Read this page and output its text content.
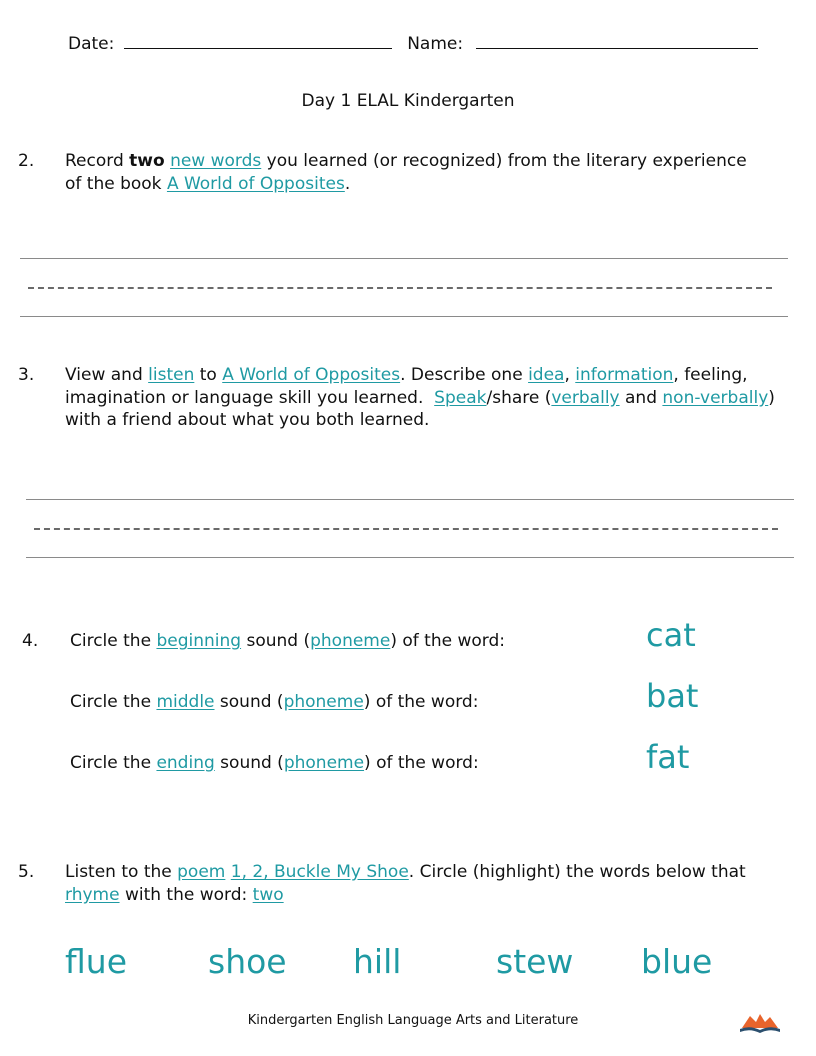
Date:	Name:
Day 1 ELAL Kindergarten
2. Record two new words you learned (or recognized) from the literary experience
of the book A World of Opposites.
3. View and listen to A World of Opposites. Describe one idea, information, feeling,
imagination or language skill you learned.  Speak/share (verbally and non-verbally)
with a friend about what you both learned.
4. Circle the beginning sound (phoneme) of the word:	cat
Circle the middle sound (phoneme) of the word:	bat
Circle the ending sound (phoneme) of the word:	fat
5. Listen to the poem 1, 2, Buckle My Shoe. Circle (highlight) the words below that
rhyme with the word: two
flue shoe hill	stew blue
Kindergarten English Language Arts and Literature
